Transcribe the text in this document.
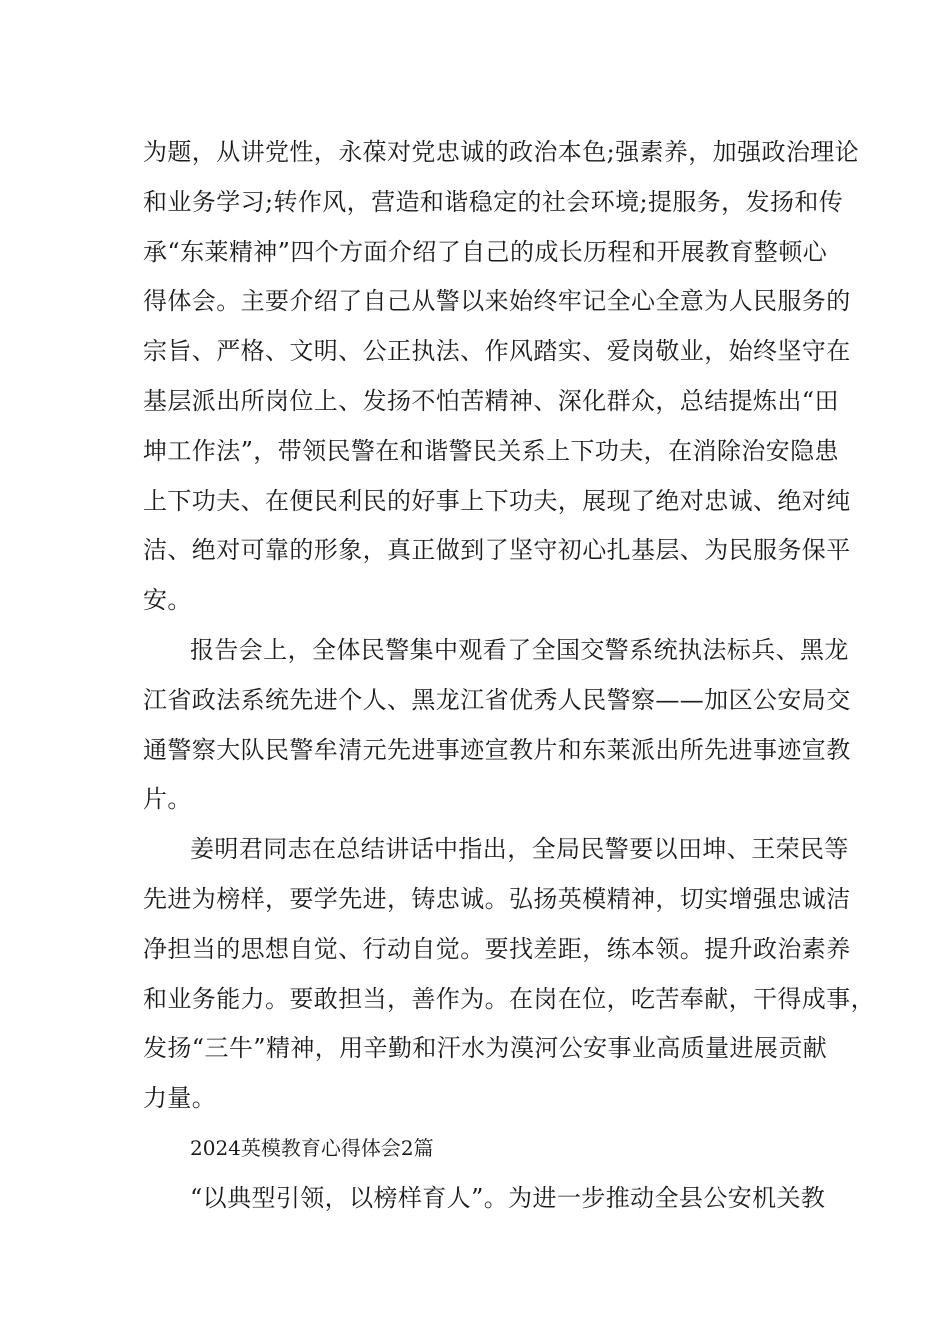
为题，从讲党性，永葆对党忠诚的政治本色;强素养，加强政治理论
和业务学习;转作风，营造和谐稳定的社会环境;提服务，发扬和传
承“东莱精神”四个方面介绍了自己的成长历程和开展教育整顿心
得体会。主要介绍了自己从警以来始终牢记全心全意为人民服务的
宗旨、严格、文明、公正执法、作风踏实、爱岗敬业，始终坚守在
基层派出所岗位上、发扬不怕苦精神、深化群众，总结提炼出“田
坤工作法”，带领民警在和谐警民关系上下功夫，在消除治安隐患
上下功夫、在便民利民的好事上下功夫，展现了绝对忠诚、绝对纯
洁、绝对可靠的形象，真正做到了坚守初心扎基层、为民服务保平
安。
报告会上，全体民警集中观看了全国交警系统执法标兵、黑龙
江省政法系统先进个人、黑龙江省优秀人民警察——加区公安局交
通警察大队民警牟清元先进事迹宣教片和东莱派出所先进事迹宣教
片。
姜明君同志在总结讲话中指出，全局民警要以田坤、王荣民等
先进为榜样，要学先进，铸忠诚。弘扬英模精神，切实增强忠诚洁
净担当的思想自觉、行动自觉。要找差距，练本领。提升政治素养
和业务能力。要敢担当，善作为。在岗在位，吃苦奉献，干得成事，
发扬“三牛”精神，用辛勤和汗水为漠河公安事业高质量进展贡献
力量。
2024英模教育心得体会2篇
“以典型引领，以榜样育人”。为进一步推动全县公安机关教
